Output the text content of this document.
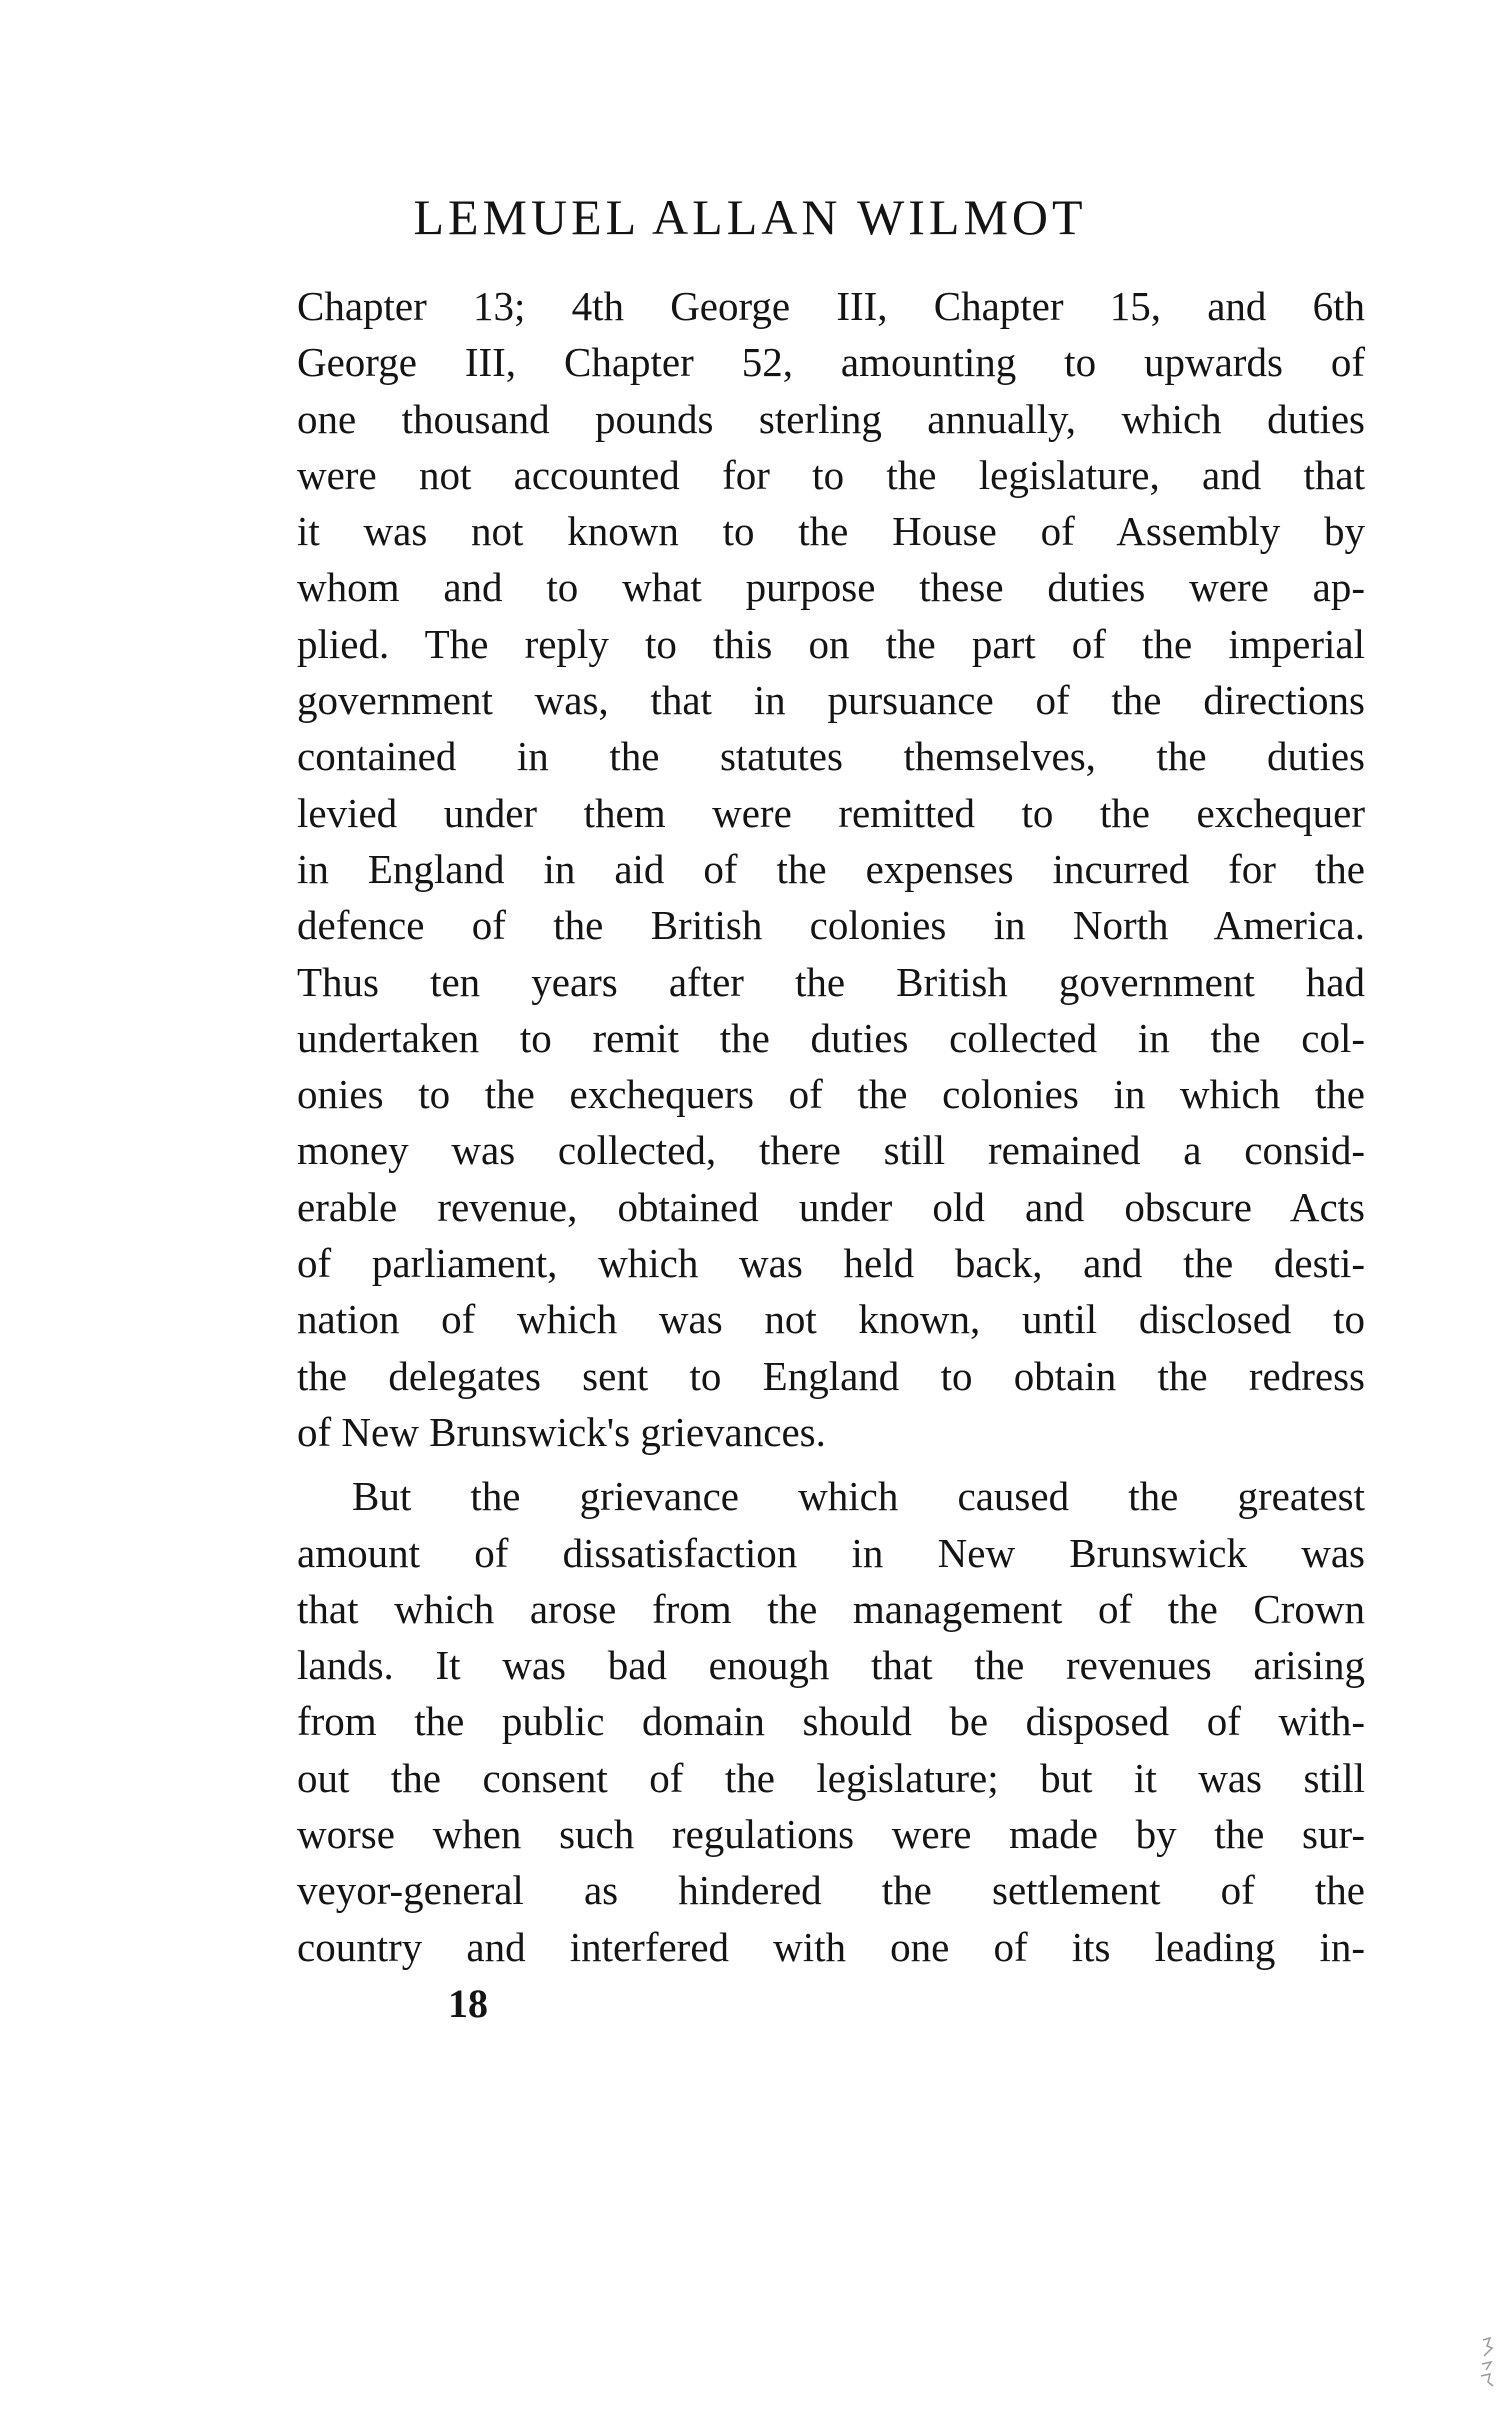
LEMUEL ALLAN WILMOT
Chapter 13; 4th George III, Chapter 15, and 6th
George III, Chapter 52, amounting to upwards of
one thousand pounds sterling annually, which duties
were not accounted for to the legislature, and that
it was not known to the House of Assembly by
whom and to what purpose these duties were ap-
plied. The reply to this on the part of the imperial
government was, that in pursuance of the directions
contained in the statutes themselves, the duties
levied under them were remitted to the exchequer
in England in aid of the expenses incurred for the
defence of the British colonies in North America.
Thus ten years after the British government had
undertaken to remit the duties collected in the col-
onies to the exchequers of the colonies in which the
money was collected, there still remained a consid-
erable revenue, obtained under old and obscure Acts
of parliament, which was held back, and the desti-
nation of which was not known, until disclosed to
the delegates sent to England to obtain the redress
of New Brunswick's grievances.
But the grievance which caused the greatest
amount of dissatisfaction in New Brunswick was
that which arose from the management of the Crown
lands. It was bad enough that the revenues arising
from the public domain should be disposed of with-
out the consent of the legislature; but it was still
worse when such regulations were made by the sur-
veyor-general as hindered the settlement of the
country and interfered with one of its leading in-
18
